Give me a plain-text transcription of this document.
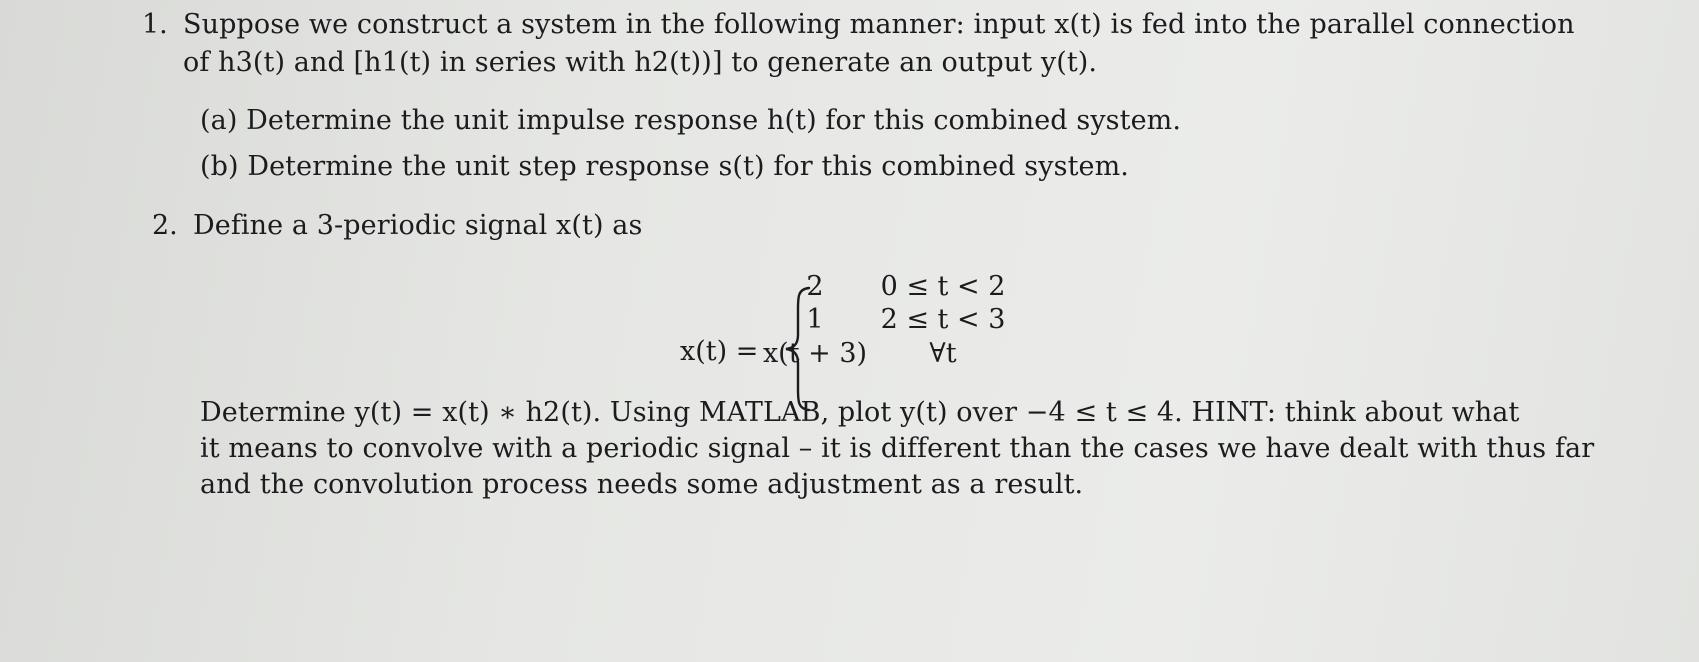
1. Suppose we construct a system in the following manner: input x(t) is fed into the parallel connection
of h3(t) and [h1(t) in series with h2(t))] to generate an output y(t).
(a) Determine the unit impulse response h(t) for this combined system.
(b) Determine the unit step response s(t) for this combined system.
2. Define a 3-periodic signal x(t) as
x(t) =
2	0 ≤ t < 2
1	2 ≤ t < 3
x(t + 3)	∀t
Determine y(t) = x(t) ∗ h2(t). Using MATLAB, plot y(t) over −4 ≤ t ≤ 4. HINT: think about what
it means to convolve with a periodic signal – it is different than the cases we have dealt with thus far
and the convolution process needs some adjustment as a result.
